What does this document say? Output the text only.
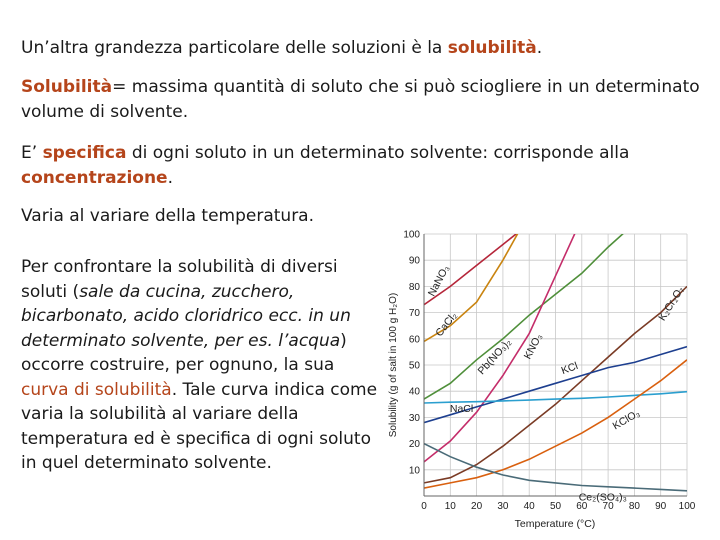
Un’altra grandezza particolare delle soluzioni è la solubilità.

Solubilità= massima quantità di soluto che si può sciogliere in un determinato volume di solvente.

E’ specifica di ogni soluto in un determinato solvente: corrisponde alla concentrazione.

Varia al variare della temperatura.

Per confrontare la solubilità di diversi soluti (sale da cucina, zucchero, bicarbonato, acido cloridrico ecc. in un determinato solvente, per es. l’acqua) occorre costruire, per ognuno, la sua curva di solubilità. Tale curva indica come varia la solubilità al variare della temperatura ed è specifica di ogni soluto in quel determinato solvente.

0 10 20 30 40 50 60 70 80 90 100
10
20
30
40
50
60
70
80
90
100
NaNO₃
CaCl₂
Pb(NO₃)₂ KNO₃
K₂Cr₂O₇
KCl
NaCl	KClO₃
Ce₂(SO₄)₃
Temperature (°C)
Solubility (g of salt in 100 g H₂O)
